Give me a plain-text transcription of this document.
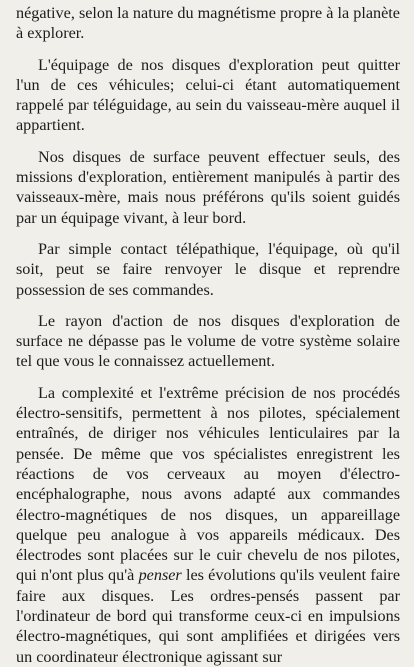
négative, selon la nature du magnétisme propre à la planète à explorer.

L'équipage de nos disques d'exploration peut quitter l'un de ces véhicules; celui-ci étant automatiquement rappelé par téléguidage, au sein du vaisseau-mère auquel il appartient.

Nos disques de surface peuvent effectuer seuls, des missions d'exploration, entièrement manipulés à partir des vaisseaux-mère, mais nous préférons qu'ils soient guidés par un équipage vivant, à leur bord.

Par simple contact télépathique, l'équipage, où qu'il soit, peut se faire renvoyer le disque et reprendre possession de ses commandes.

Le rayon d'action de nos disques d'exploration de surface ne dépasse pas le volume de votre système solaire tel que vous le connaissez actuellement.

La complexité et l'extrême précision de nos procédés électro-sensitifs, permettent à nos pilotes, spécialement entraînés, de diriger nos véhicules lenticulaires par la pensée. De même que vos spécialistes enregistrent les réactions de vos cerveaux au moyen d'électro-encéphalographe, nous avons adapté aux commandes électro-magnétiques de nos disques, un appareillage quelque peu analogue à vos appareils médicaux. Des électrodes sont placées sur le cuir chevelu de nos pilotes, qui n'ont plus qu'à penser les évolutions qu'ils veulent faire faire aux disques. Les ordres-pensés passent par l'ordinateur de bord qui transforme ceux-ci en impulsions électro-magnétiques, qui sont amplifiées et dirigées vers un coordinateur électronique agissant sur
